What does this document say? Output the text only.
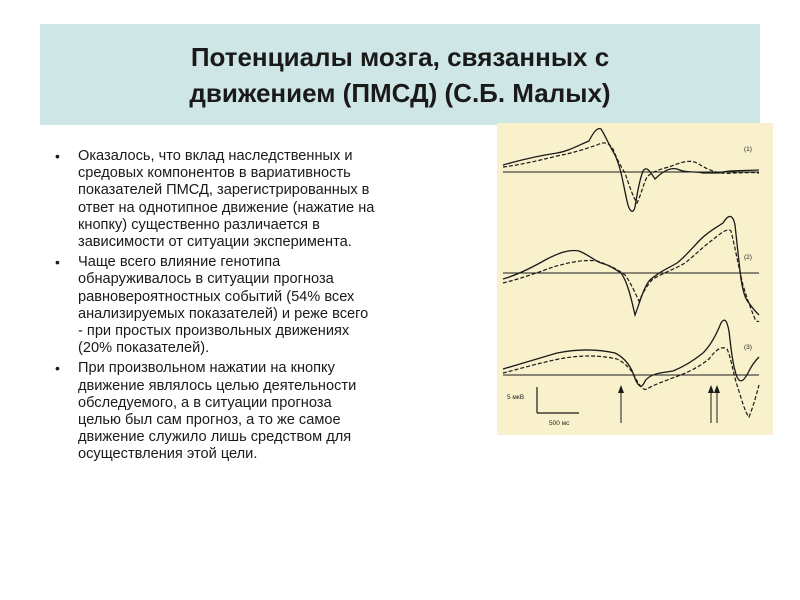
Потенциалы мозга, связанных с
движением (ПМСД) (С.Б. Малых)
• Оказалось, что вклад наследственных и
средовых компонентов в вариативность
показателей ПМСД, зарегистрированных в
ответ на однотипное движение (нажатие на
кнопку) существенно различается в
зависимости от ситуации эксперимента.
• Чаще всего влияние генотипа
обнаруживалось в ситуации прогноза
равновероятностных событий (54% всех
анализируемых показателей) и реже всего
- при простых произвольных движениях
(20% показателей).
• При произвольном нажатии на кнопку
движение являлось целью деятельности
обследуемого, а в ситуации прогноза
целью был сам прогноз, а то же самое
движение служило лишь средством для
осуществления этой цели.
(1)
(2)
(3)
5 мкВ
500 мс
